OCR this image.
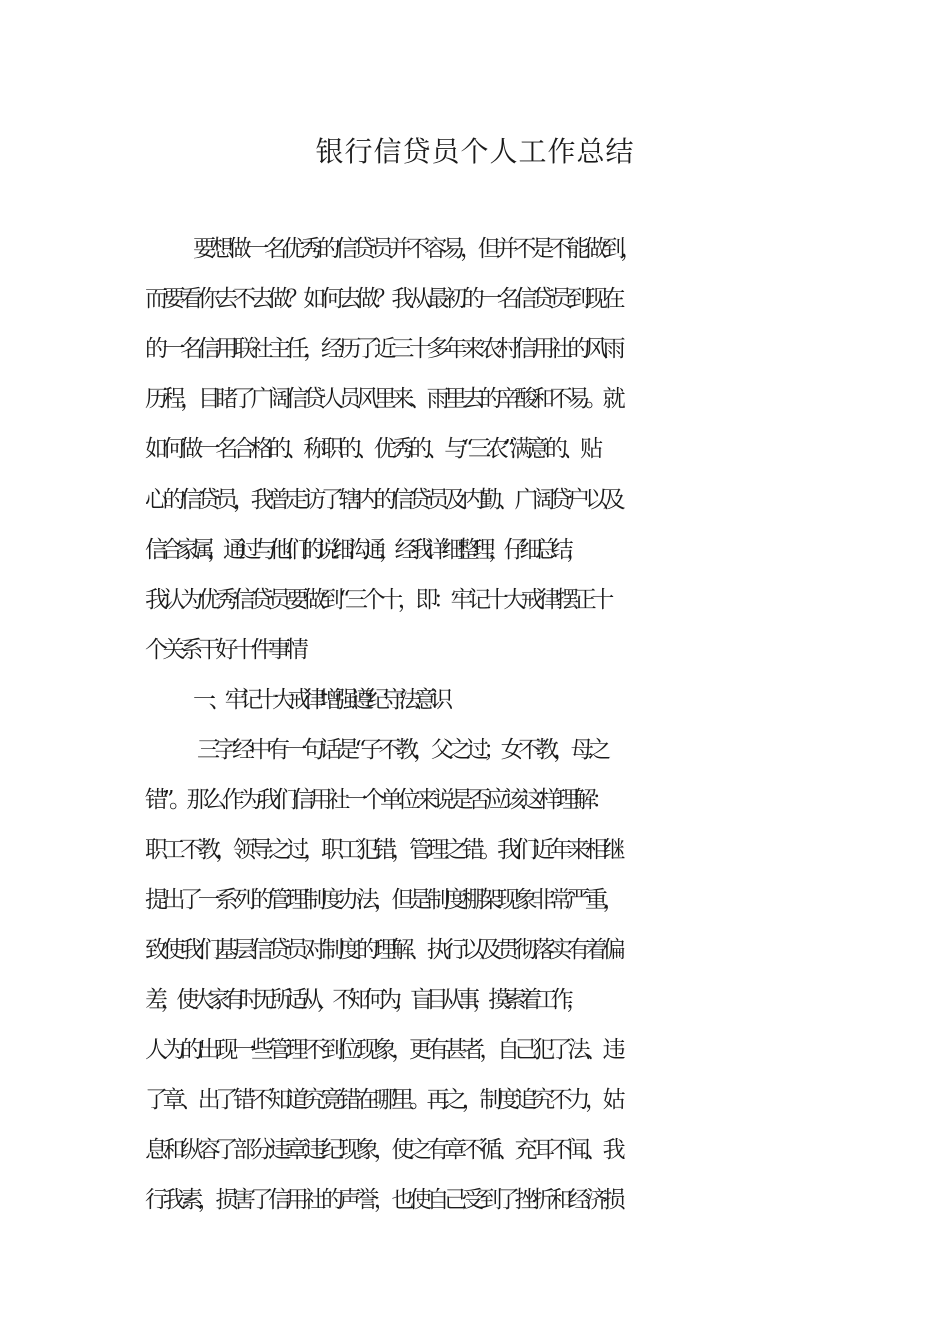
银行信贷员个人工作总结
要想做一名优秀的信贷员并不容易，但并不是不能做到，
而要看你去不去做？如何去做？我从最初的一名信贷员到现在
的一名信用联社主任，经历了近三十多年来农村信用社的风雨
历程，目睹了广阔信贷人员风里来、雨里去的辛酸和不易。就
如何做一名合格的、称职的、优秀的、与“三农”满意的、贴
心的信贷员，我曾走访了辖内的信贷员及内勤、广阔贷户以及
信合家属，通过与他们的说细沟通，经我详细整理，仔细总结，
我认为优秀信贷员要做到“三个十，即：牢记十大戒律摆正十
个关系干好十件事情
一、牢记十大戒律 增强遵纪守法意识
三字经中有一句话是“子不教，父之过；女不教，母之
错”。那么作为我们信用社一个单位来说是否应该这样理解：
职工不教，领导之过，职工犯错，管理之错。我们近年来相继
提出了一系列的管理制度办法，但是制度棚架现象非常严重，
致使我们基层信贷员对制度的理解、执行以及贯彻落实有着偏
差，使大家有时无所适从，不知何为，盲目从事，摸索着工作，
人为的出现一些管理不到位现象，更有甚者，自己犯了法、违
了章、出了错不知道究竟错在哪里。再之，制度追究不力，姑
息和纵容了部分违章违纪现象，使之有章不循、充耳不闻、我
行我素，损害了信用社的声誉，也使自己受到了挫折和经济损
